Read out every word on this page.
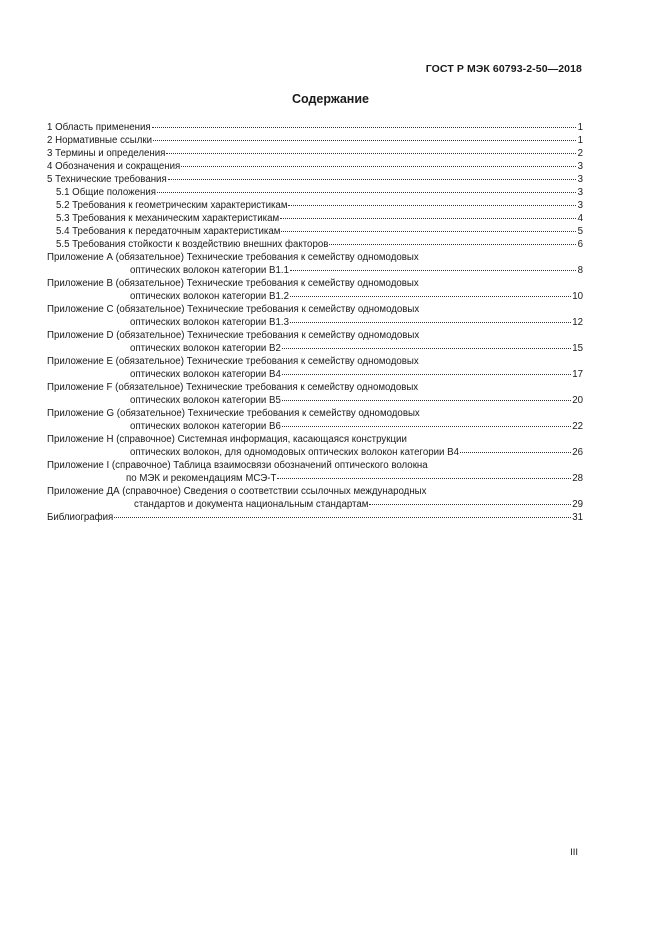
ГОСТ Р МЭК 60793-2-50—2018
Содержание
1 Область применения	1
2 Нормативные ссылки	1
3 Термины и определения	2
4 Обозначения и сокращения	3
5 Технические требования	3
5.1 Общие положения	3
5.2 Требования к геометрическим характеристикам	3
5.3 Требования к механическим характеристикам	4
5.4 Требования к передаточным характеристикам	5
5.5 Требования стойкости к воздействию внешних факторов	6
Приложение А (обязательное) Технические требования к семейству одномодовых
оптических волокон категории В1.1	8
Приложение В (обязательное) Технические требования к семейству одномодовых
оптических волокон категории В1.2	10
Приложение С (обязательное) Технические требования к семейству одномодовых
оптических волокон категории В1.3	12
Приложение D (обязательное) Технические требования к семейству одномодовых
оптических волокон категории В2	15
Приложение Е (обязательное) Технические требования к семейству одномодовых
оптических волокон категории В4	17
Приложение F (обязательное) Технические требования к семейству одномодовых
оптических волокон категории В5	20
Приложение G (обязательное) Технические требования к семейству одномодовых
оптических волокон категории В6	22
Приложение Н (справочное) Системная информация, касающаяся конструкции
оптических волокон, для одномодовых оптических волокон категории В4	26
Приложение I (справочное) Таблица взаимосвязи обозначений оптического волокна
по МЭК и рекомендациям МСЭ-Т	28
Приложение ДА (справочное) Сведения о соответствии ссылочных международных
стандартов и документа национальным стандартам	29
Библиография	31
III
